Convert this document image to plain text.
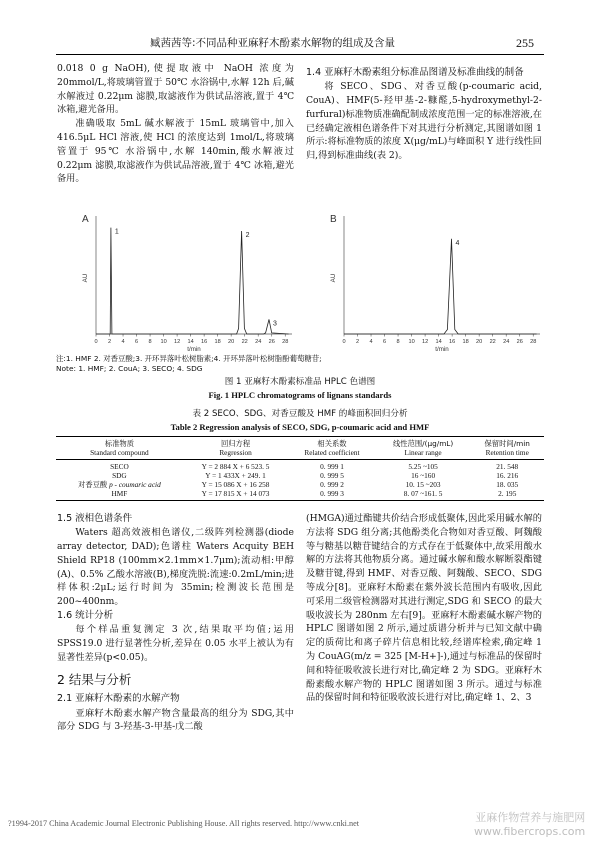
臧茜茜等:不同品种亚麻籽木酚素水解物的组成及含量	255

0.018 0 g NaOH),使提取液中 NaOH 浓度为 20mmol/L,将玻璃管置于 50℃ 水浴锅中,水解 12h 后,碱水解液过 0.22μm 滤膜,取滤液作为供试品溶液,置于 4℃ 冰箱,避光备用。

准确吸取 5mL 碱水解液于 15mL 玻璃管中,加入 416.5μL HCl 溶液,使 HCl 的浓度达到 1mol/L,将玻璃管置于 95℃ 水浴锅中,水解 140min,酸水解液过 0.22μm 滤膜,取滤液作为供试品溶液,置于 4℃ 冰箱,避光备用。

1.4 亚麻籽木酚素组分标准品图谱及标准曲线的制备

将 SECO、SDG、对香豆酸(p-coumaric acid, CouA)、HMF(5-羟甲基-2-糠醛,5-hydroxymethyl-2-furfural)标准物质准确配制成浓度范围一定的标准溶液,在已经确定液相色谱条件下对其进行分析测定,其图谱如图 1 所示:将标准物质的浓度 X(μg/mL)与峰面积 Y 进行线性回归,得到标准曲线(表 2)。

A	B
0 2 4 6 8 10 12 14 16 18 20 22 24 26 28
t/min
AU
1	2
3
0 2 4 6 8 10 12 14 16 18 20 22 24 26 28
t/min
AU
4
注:1. HMF 2. 对香豆酸;3. 开环异落叶松树脂素;4. 开环异落叶松树脂酚葡萄糖苷;
Note: 1. HMF; 2. CouA; 3. SECO; 4. SDG
图 1 亚麻籽木酚素标准品 HPLC 色谱图
Fig. 1 HPLC chromatograms of lignans standards
表 2 SECO、SDG、对香豆酸及 HMF 的峰面积回归分析
Table 2 Regression analysis of SECO, SDG, p-coumaric acid and HMF
标准物质	回归方程	相关系数	线性范围/(μg/mL)	保留时间/min
Standard compound	Regression	Related coefficient	Linear range	Retention time
SECO	Y = 2 884 X + 6 523. 5	0. 999 1	5.25 ~105	21. 548
SDG	Y = 1 433X + 249. 1	0. 999 5	16 ~160	16. 216
对香豆酸 p - coumaric acid	Y = 15 086 X + 16 258	0. 999 2	10. 15 ~203	18. 035
HMF	Y = 17 815 X + 14 073	0. 999 3	8. 07 ~161. 5	2. 195

1.5 液相色谱条件

Waters 超高效液相色谱仪,二级阵列检测器(diode array detector, DAD);色谱柱 Waters Acquity BEH Shield RP18 (100mm×2.1mm×1.7μm);流动相:甲醇(A)、0.5% 乙酸水溶液(B),梯度洗脱:流速:0.2mL/min;进样体积:2μL;运行时间为 35min;检测波长范围是 200~400nm。

1.6 统计分析

每个样品重复测定 3 次,结果取平均值;运用 SPSS19.0 进行显著性分析,差异在 0.05 水平上被认为有显著性差异(p<0.05)。

2 结果与分析

2.1 亚麻籽木酚素的水解产物

亚麻籽木酚素水解产物含量最高的组分为 SDG,其中部分 SDG 与 3-羟基-3-甲基-戊二酸

(HMGA)通过酯键共价结合形成低聚体,因此采用碱水解的方法将 SDG 组分离;其他酚类化合物如对香豆酸、阿魏酸等与糖基以糖苷键结合的方式存在于低聚体中,故采用酸水解的方法将其他物质分离。通过碱水解和酸水解断裂酯键及糖苷键,得到 HMF、对香豆酸、阿魏酸、SECO、SDG 等成分[8]。亚麻籽木酚素在紫外波长范围内有吸收,因此可采用二级管检测器对其进行测定,SDG 和 SECO 的最大吸收波长为 280nm 左右[9]。亚麻籽木酚素碱水解产物的 HPLC 图谱如图 2 所示,通过质谱分析并与已知文献中确定的质荷比和离子碎片信息相比较,经谱库检索,确定峰 1 为 CouAG(m/z = 325 [M-H+]-),通过与标准品的保留时间和特征吸收波长进行对比,确定峰 2 为 SDG。亚麻籽木酚素酸水解产物的 HPLC 图谱如图 3 所示。通过与标准品的保留时间和特征吸收波长进行对比,确定峰 1、2、3

?1994-2017 China Academic Journal Electronic Publishing House. All rights reserved. http://www.cnki.net	亚麻作物营养与施肥网
www.fibercrops.com
